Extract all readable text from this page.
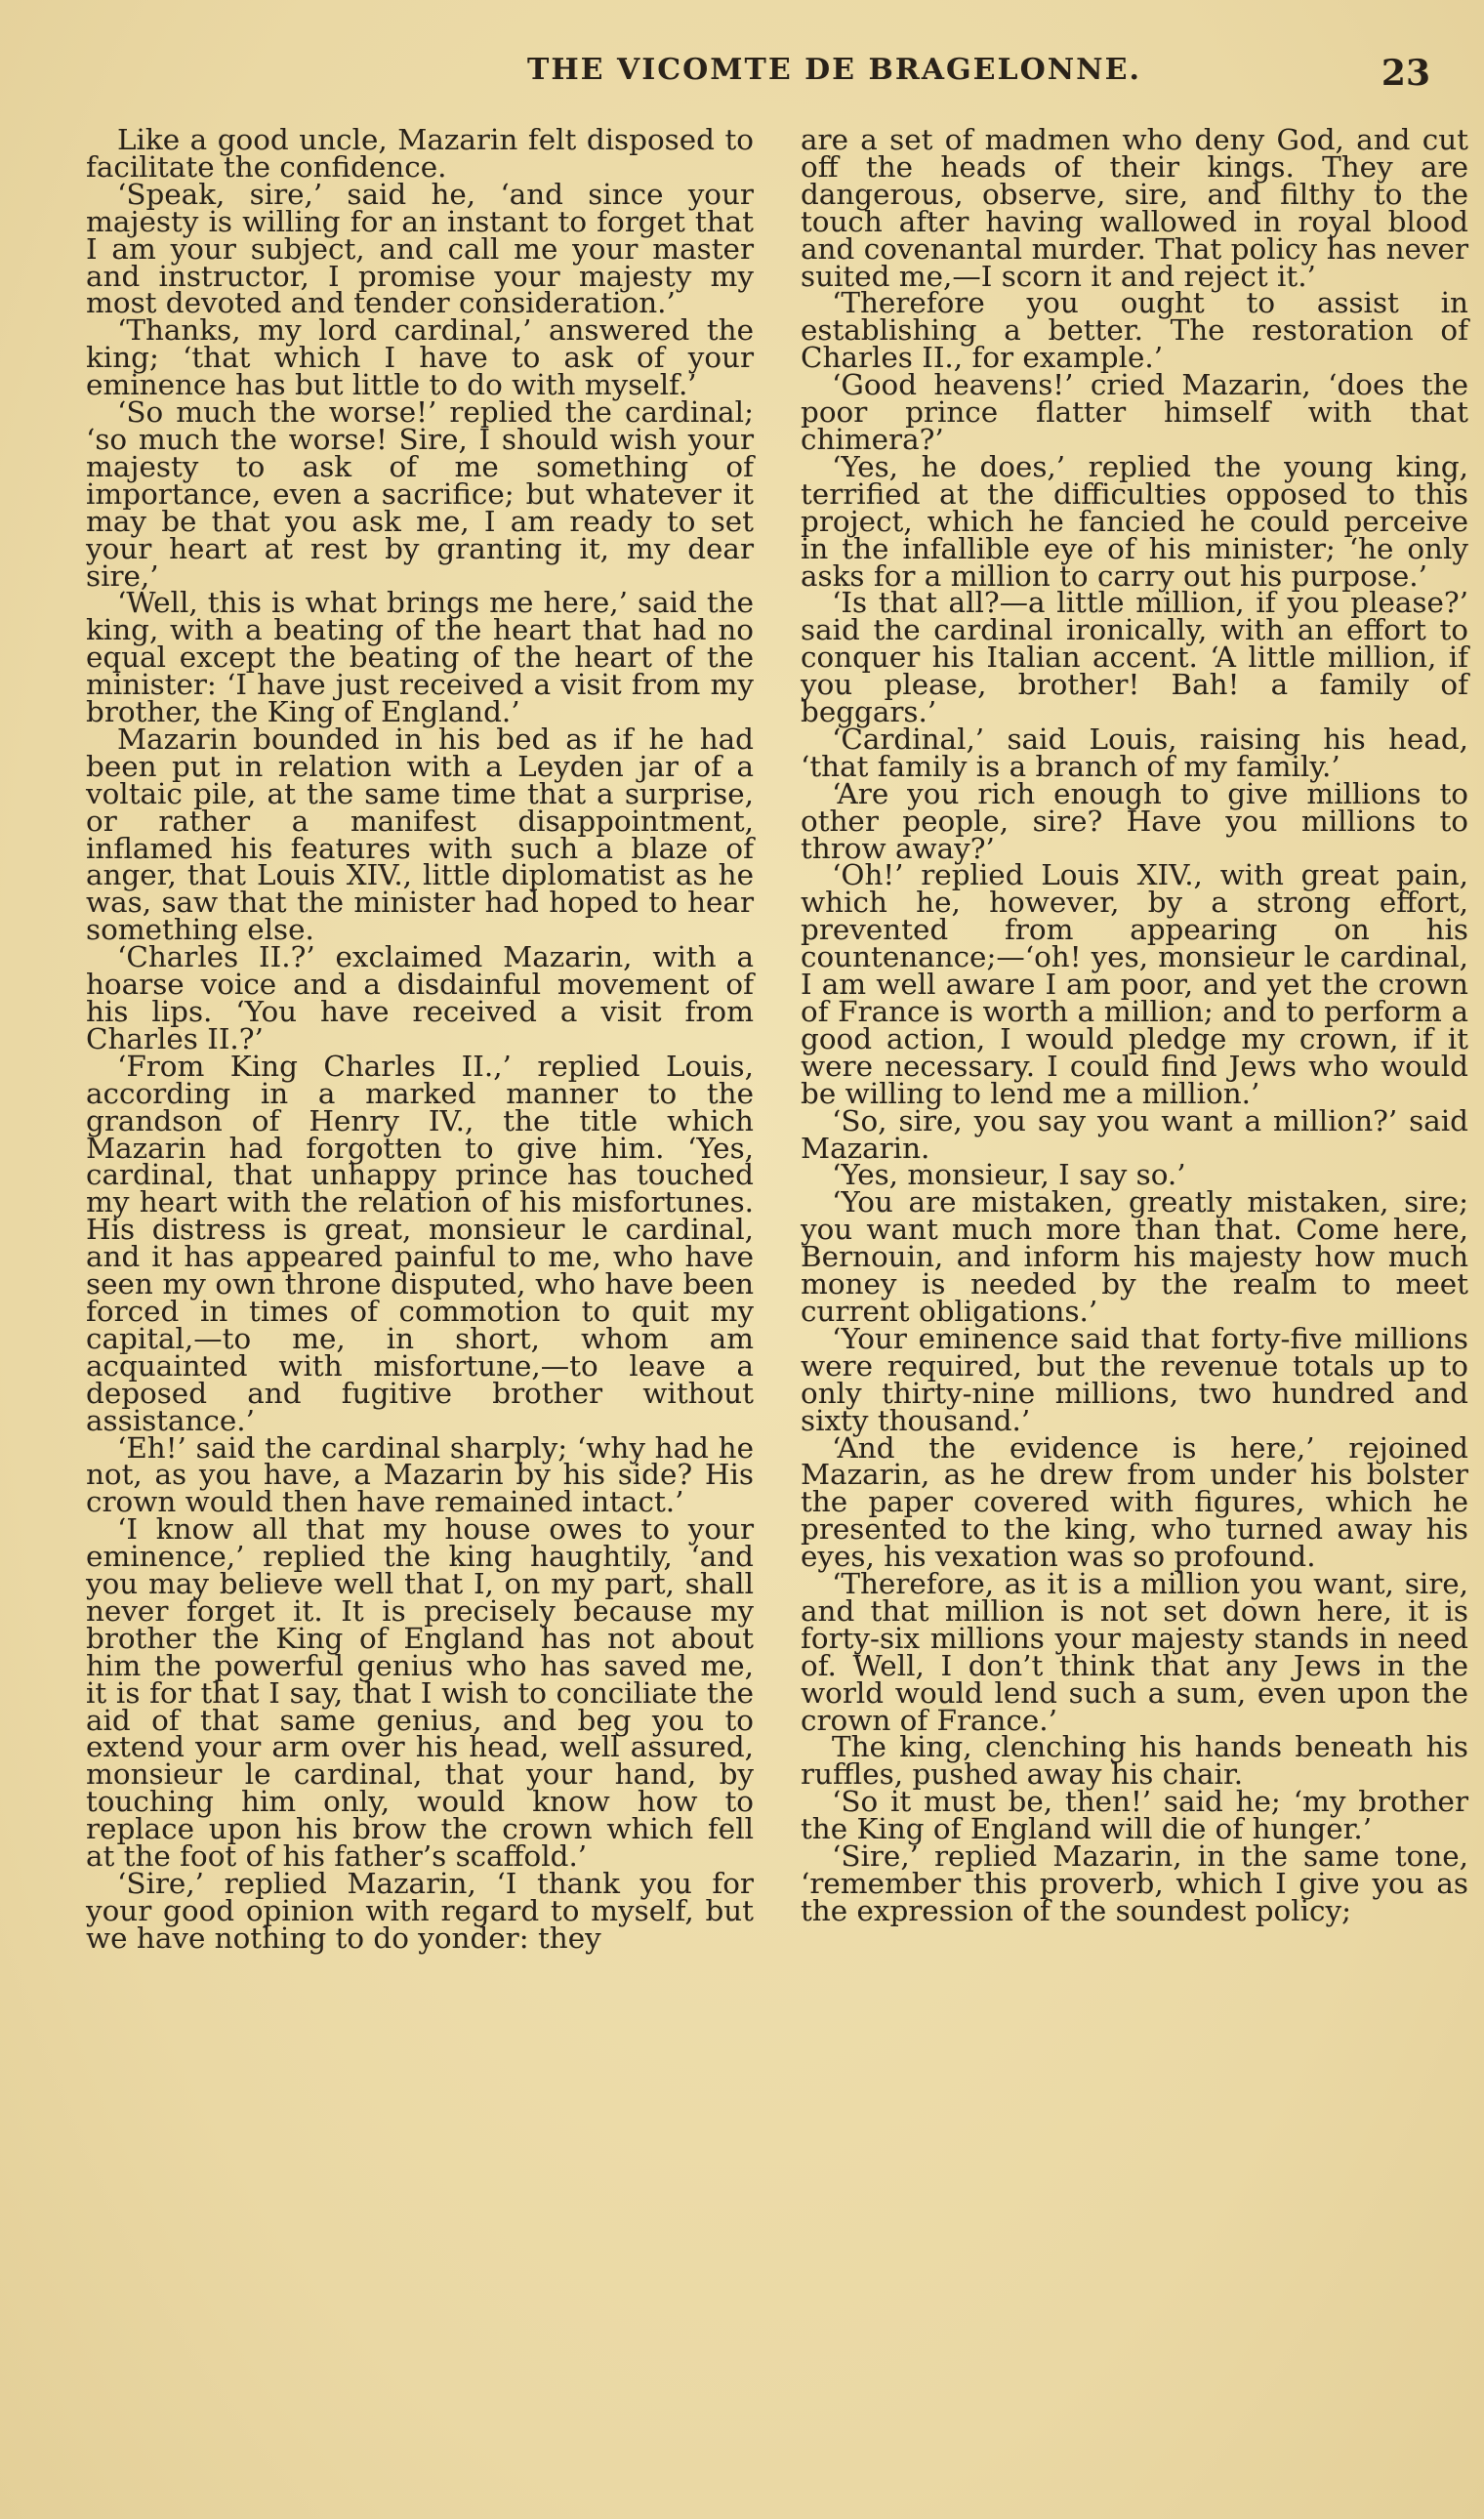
THE VICOMTE DE BRAGELONNE.	23

Like a good uncle, Mazarin felt disposed to facilitate the confidence.

‘Speak, sire,’ said he, ‘and since your majesty is willing for an instant to forget that I am your subject, and call me your master and instructor, I promise your majesty my most devoted and tender consideration.’

‘Thanks, my lord cardinal,’ answered the king; ‘that which I have to ask of your eminence has but little to do with myself.’

‘So much the worse!’ replied the cardinal; ‘so much the worse! Sire, I should wish your majesty to ask of me something of importance, even a sacrifice; but whatever it may be that you ask me, I am ready to set your heart at rest by granting it, my dear sire,’

‘Well, this is what brings me here,’ said the king, with a beating of the heart that had no equal except the beating of the heart of the minister: ‘I have just received a visit from my brother, the King of England.’

Mazarin bounded in his bed as if he had been put in relation with a Leyden jar of a voltaic pile, at the same time that a surprise, or rather a manifest disappointment, inflamed his features with such a blaze of anger, that Louis XIV., little diplomatist as he was, saw that the minister had hoped to hear something else.

‘Charles II.?’ exclaimed Mazarin, with a hoarse voice and a disdainful movement of his lips. ‘You have received a visit from Charles II.?’

‘From King Charles II.,’ replied Louis, according in a marked manner to the grandson of Henry IV., the title which Mazarin had forgotten to give him. ‘Yes, cardinal, that unhappy prince has touched my heart with the relation of his misfortunes. His distress is great, monsieur le cardinal, and it has appeared painful to me, who have seen my own throne disputed, who have been forced in times of commotion to quit my capital,—to me, in short, whom am acquainted with misfortune,—to leave a deposed and fugitive brother without assistance.’

‘Eh!’ said the cardinal sharply; ‘why had he not, as you have, a Mazarin by his side? His crown would then have remained intact.’

‘I know all that my house owes to your eminence,’ replied the king haughtily, ‘and you may believe well that I, on my part, shall never forget it. It is precisely because my brother the King of England has not about him the powerful genius who has saved me, it is for that I say, that I wish to conciliate the aid of that same genius, and beg you to extend your arm over his head, well assured, monsieur le cardinal, that your hand, by touching him only, would know how to replace upon his brow the crown which fell at the foot of his father’s scaffold.’

‘Sire,’ replied Mazarin, ‘I thank you for your good opinion with regard to myself, but we have nothing to do yonder: they

are a set of madmen who deny God, and cut off the heads of their kings. They are dangerous, observe, sire, and filthy to the touch after having wallowed in royal blood and covenantal murder. That policy has never suited me,—I scorn it and reject it.’

‘Therefore you ought to assist in establishing a better. The restoration of Charles II., for example.’

‘Good heavens!’ cried Mazarin, ‘does the poor prince flatter himself with that chimera?’

‘Yes, he does,’ replied the young king, terrified at the difficulties opposed to this project, which he fancied he could perceive in the infallible eye of his minister; ‘he only asks for a million to carry out his purpose.’

‘Is that all?—a little million, if you please?’ said the cardinal ironically, with an effort to conquer his Italian accent. ‘A little million, if you please, brother! Bah! a family of beggars.’

‘Cardinal,’ said Louis, raising his head, ‘that family is a branch of my family.’

‘Are you rich enough to give millions to other people, sire? Have you millions to throw away?’

‘Oh!’ replied Louis XIV., with great pain, which he, however, by a strong effort, prevented from appearing on his countenance;—‘oh! yes, monsieur le cardinal, I am well aware I am poor, and yet the crown of France is worth a million; and to perform a good action, I would pledge my crown, if it were necessary. I could find Jews who would be willing to lend me a million.’

‘So, sire, you say you want a million?’ said Mazarin.

‘Yes, monsieur, I say so.’

‘You are mistaken, greatly mistaken, sire; you want much more than that. Come here, Bernouin, and inform his majesty how much money is needed by the realm to meet current obligations.’

‘Your eminence said that forty-five millions were required, but the revenue totals up to only thirty-nine millions, two hundred and sixty thousand.’

‘And the evidence is here,’ rejoined Mazarin, as he drew from under his bolster the paper covered with figures, which he presented to the king, who turned away his eyes, his vexation was so profound.

‘Therefore, as it is a million you want, sire, and that million is not set down here, it is forty-six millions your majesty stands in need of. Well, I don’t think that any Jews in the world would lend such a sum, even upon the crown of France.’

The king, clenching his hands beneath his ruffles, pushed away his chair.

‘So it must be, then!’ said he; ‘my brother the King of England will die of hunger.’

‘Sire,’ replied Mazarin, in the same tone, ‘remember this proverb, which I give you as the expression of the soundest policy;
